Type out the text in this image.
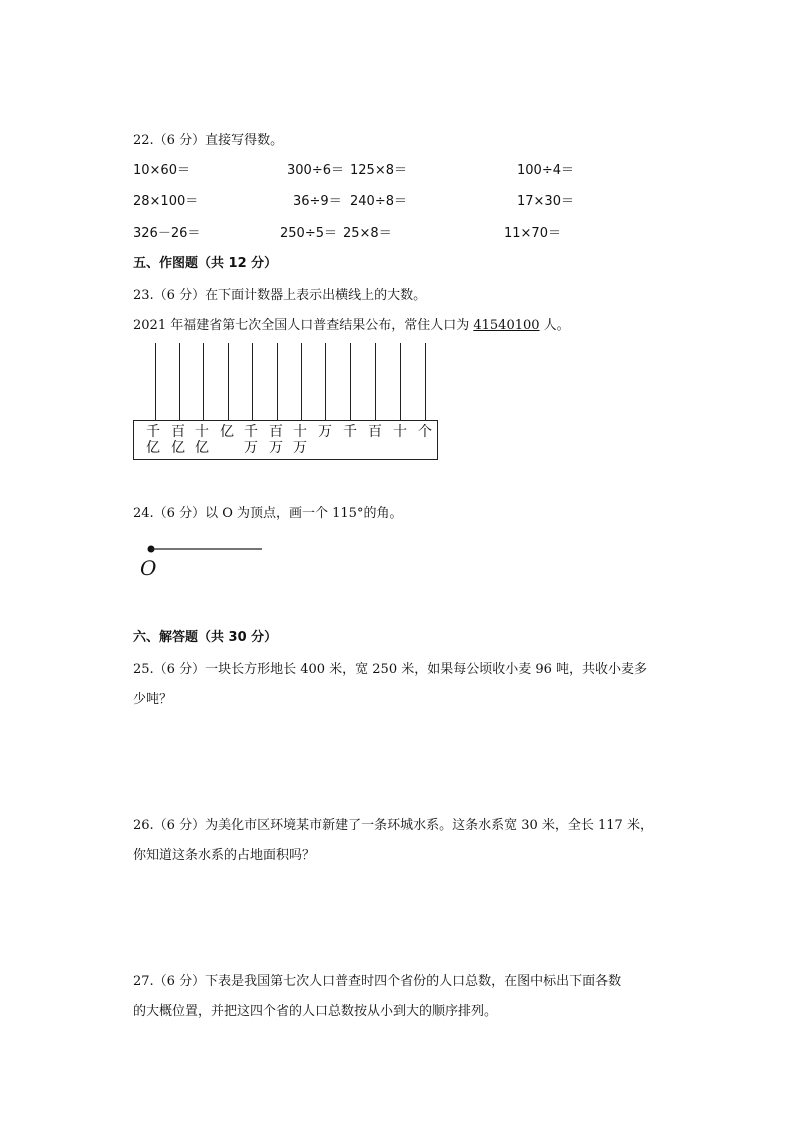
22.（6 分）直接写得数。
10×60＝	300÷6＝ 125×8＝	100÷4＝
28×100＝	36÷9＝ 240÷8＝	17×30＝
326－26＝	250÷5＝ 25×8＝	11×70＝
五、作图题（共 12 分）
23.（6 分）在下面计数器上表示出横线上的大数。
2021 年福建省第七次全国人口普查结果公布，常住人口为 41540100 人。
千
亿
百
亿
十
亿
亿 千
万
百
万
十
万
万 千 百 十 个
24.（6 分）以 O 为顶点，画一个 115°的角。
O
六、解答题（共 30 分）
25.（6 分）一块长方形地长 400 米，宽 250 米，如果每公顷收小麦 96 吨，共收小麦多
少吨？
26.（6 分）为美化市区环境某市新建了一条环城水系。这条水系宽 30 米，全长 117 米，
你知道这条水系的占地面积吗？
27.（6 分）下表是我国第七次人口普查时四个省份的人口总数，在图中标出下面各数
的大概位置，并把这四个省的人口总数按从小到大的顺序排列。
